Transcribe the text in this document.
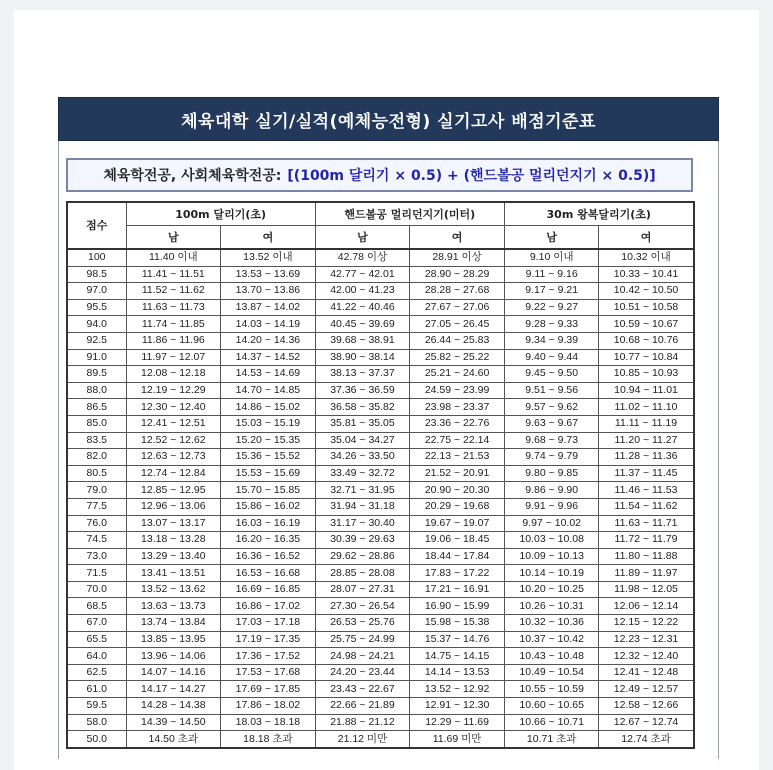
체육대학 실기/실적(예체능전형) 실기고사 배점기준표
체육학전공, 사회체육학전공: [(100m 달리기 × 0.5) + (핸드볼공 멀리던지기 × 0.5)]
점수	100m 달리기(초)		핸드볼공 멀리던지기(미터)		30m 왕복달리기(초)	
	남	여	남	여	남	여
100	11.40 이내	13.52 이내	42.78 이상	28.91 이상	9.10 이내	10.32 이내
98.5	11.41 ~ 11.51	13.53 ~ 13.69	42.77 ~ 42.01	28.90 ~ 28.29	9.11 ~ 9.16	10.33 ~ 10.41
97.0	11.52 ~ 11.62	13.70 ~ 13.86	42.00 ~ 41.23	28.28 ~ 27.68	9.17 ~ 9.21	10.42 ~ 10.50
95.5	11.63 ~ 11.73	13.87 ~ 14.02	41.22 ~ 40.46	27.67 ~ 27.06	9.22 ~ 9.27	10.51 ~ 10.58
94.0	11.74 ~ 11.85	14.03 ~ 14.19	40.45 ~ 39.69	27.05 ~ 26.45	9.28 ~ 9.33	10.59 ~ 10.67
92.5	11.86 ~ 11.96	14.20 ~ 14.36	39.68 ~ 38.91	26.44 ~ 25.83	9.34 ~ 9.39	10.68 ~ 10.76
91.0	11.97 ~ 12.07	14.37 ~ 14.52	38.90 ~ 38.14	25.82 ~ 25.22	9.40 ~ 9.44	10.77 ~ 10.84
89.5	12.08 ~ 12.18	14.53 ~ 14.69	38.13 ~ 37.37	25.21 ~ 24.60	9.45 ~ 9.50	10.85 ~ 10.93
88.0	12.19 ~ 12.29	14.70 ~ 14.85	37.36 ~ 36.59	24.59 ~ 23.99	9.51 ~ 9.56	10.94 ~ 11.01
86.5	12.30 ~ 12.40	14.86 ~ 15.02	36.58 ~ 35.82	23.98 ~ 23.37	9.57 ~ 9.62	11.02 ~ 11.10
85.0	12.41 ~ 12.51	15.03 ~ 15.19	35.81 ~ 35.05	23.36 ~ 22.76	9.63 ~ 9.67	11.11 ~ 11.19
83.5	12.52 ~ 12.62	15.20 ~ 15.35	35.04 ~ 34.27	22.75 ~ 22.14	9.68 ~ 9.73	11.20 ~ 11.27
82.0	12.63 ~ 12.73	15.36 ~ 15.52	34.26 ~ 33.50	22.13 ~ 21.53	9.74 ~ 9.79	11.28 ~ 11.36
80.5	12.74 ~ 12.84	15.53 ~ 15.69	33.49 ~ 32.72	21.52 ~ 20.91	9.80 ~ 9.85	11.37 ~ 11.45
79.0	12.85 ~ 12.95	15.70 ~ 15.85	32.71 ~ 31.95	20.90 ~ 20.30	9.86 ~ 9.90	11.46 ~ 11.53
77.5	12.96 ~ 13.06	15.86 ~ 16.02	31.94 ~ 31.18	20.29 ~ 19.68	9.91 ~ 9.96	11.54 ~ 11.62
76.0	13.07 ~ 13.17	16.03 ~ 16.19	31.17 ~ 30.40	19.67 ~ 19.07	9.97 ~ 10.02	11.63 ~ 11.71
74.5	13.18 ~ 13.28	16.20 ~ 16.35	30.39 ~ 29.63	19.06 ~ 18.45	10.03 ~ 10.08	11.72 ~ 11.79
73.0	13.29 ~ 13.40	16.36 ~ 16.52	29.62 ~ 28.86	18.44 ~ 17.84	10.09 ~ 10.13	11.80 ~ 11.88
71.5	13.41 ~ 13.51	16.53 ~ 16.68	28.85 ~ 28.08	17.83 ~ 17.22	10.14 ~ 10.19	11.89 ~ 11.97
70.0	13.52 ~ 13.62	16.69 ~ 16.85	28.07 ~ 27.31	17.21 ~ 16.91	10.20 ~ 10.25	11.98 ~ 12.05
68.5	13.63 ~ 13.73	16.86 ~ 17.02	27.30 ~ 26.54	16.90 ~ 15.99	10.26 ~ 10.31	12.06 ~ 12.14
67.0	13.74 ~ 13.84	17.03 ~ 17.18	26.53 ~ 25.76	15.98 ~ 15.38	10.32 ~ 10.36	12.15 ~ 12.22
65.5	13.85 ~ 13.95	17.19 ~ 17.35	25.75 ~ 24.99	15.37 ~ 14.76	10.37 ~ 10.42	12.23 ~ 12.31
64.0	13.96 ~ 14.06	17.36 ~ 17.52	24.98 ~ 24.21	14.75 ~ 14.15	10.43 ~ 10.48	12.32 ~ 12.40
62.5	14.07 ~ 14.16	17.53 ~ 17.68	24.20 ~ 23.44	14.14 ~ 13.53	10.49 ~ 10.54	12.41 ~ 12.48
61.0	14.17 ~ 14.27	17.69 ~ 17.85	23.43 ~ 22.67	13.52 ~ 12.92	10.55 ~ 10.59	12.49 ~ 12.57
59.5	14.28 ~ 14.38	17.86 ~ 18.02	22.66 ~ 21.89	12.91 ~ 12.30	10.60 ~ 10.65	12.58 ~ 12.66
58.0	14.39 ~ 14.50	18.03 ~ 18.18	21.88 ~ 21.12	12.29 ~ 11.69	10.66 ~ 10.71	12.67 ~ 12.74
50.0	14.50 초과	18.18 초과	21.12 미만	11.69 미만	10.71 초과	12.74 초과
